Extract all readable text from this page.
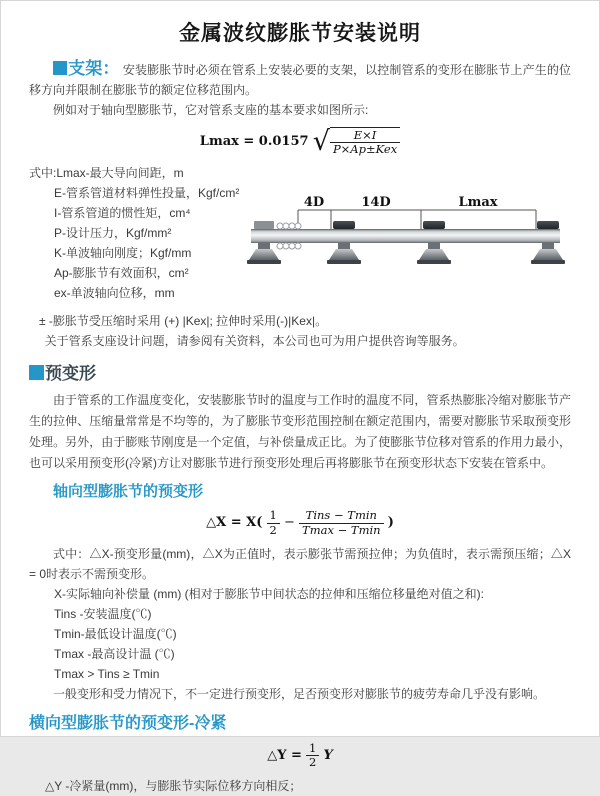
金属波纹膨胀节安装说明
支架： 安装膨胀节时必须在管系上安装必要的支架，以控制管系的变形在膨胀节上产生的位移方向并限制在膨胀节的额定位移范围内。
例如对于轴向型膨胀节，它对管系支座的基本要求如图所示:
Lmax = 0.0157 √ $\frac{E\times I}{\text{P×Ap±Kex}}$
式中:Lmax-最大导向间距，m
E-管系管道材料弹性投量，Kgf/cm²
I-管系管道的惯性矩，cm⁴
P-设计压力，Kgf/mm²
K-单波轴向刚度；Kgf/mm
Ap-膨胀节有效面积，cm²
ex-单波轴向位移，mm
4D	14D	Lmax
± -膨胀节受压缩时采用 (+) |Kex|; 拉伸时采用(-)|Kex|。
关于管系支座设计问题，请参阅有关资料，本公司也可为用户提供咨询等服务。
预变形
由于管系的工作温度变化，安装膨胀节时的温度与工作时的温度不同，管系热膨胀冷缩对膨胀节产生的拉伸、压缩量常常是不均等的，为了膨胀节变形范围控制在额定范围内，需要对膨胀节采取预变形处理。另外，由于膨账节刚度是一个定值，与补偿量成正比。为了使膨胀节位移对管系的作用力最小，也可以采用预变形(冷紧)方让对膨胀节进行预变形处理后再将膨胀节在预变形状态下安装在管系中。
轴向型膨胀节的预变形
△X = $X( \frac{1}{2} - \frac{\text{Tins − Tmin}}{Tmax - Tmin}$ )
式中：△X-预变形量(mm)，△X为正值时，表示膨张节需预拉伸；为负值时，表示需预压缩；△X = 0时表示不需预变形。
X-实际轴向补偿量 (mm) (相对于膨胀节中间状态的拉伸和压缩位移量绝对值之和):
Tins -安装温度(℃)
Tmin-最低设计温度(℃)
Tmax -最高设计温 (℃)
Tmax > Tins ≥ Tmin
一般变形和受力情况下，不一定进行预变形，足否预变形对膨胀节的疲劳寿命几乎没有影响。
横向型膨胀节的预变形-冷紧
△Y = $\frac{1}{2}$ Y
△Y -冷紧量(mm)，与膨胀节实际位移方向相反；
